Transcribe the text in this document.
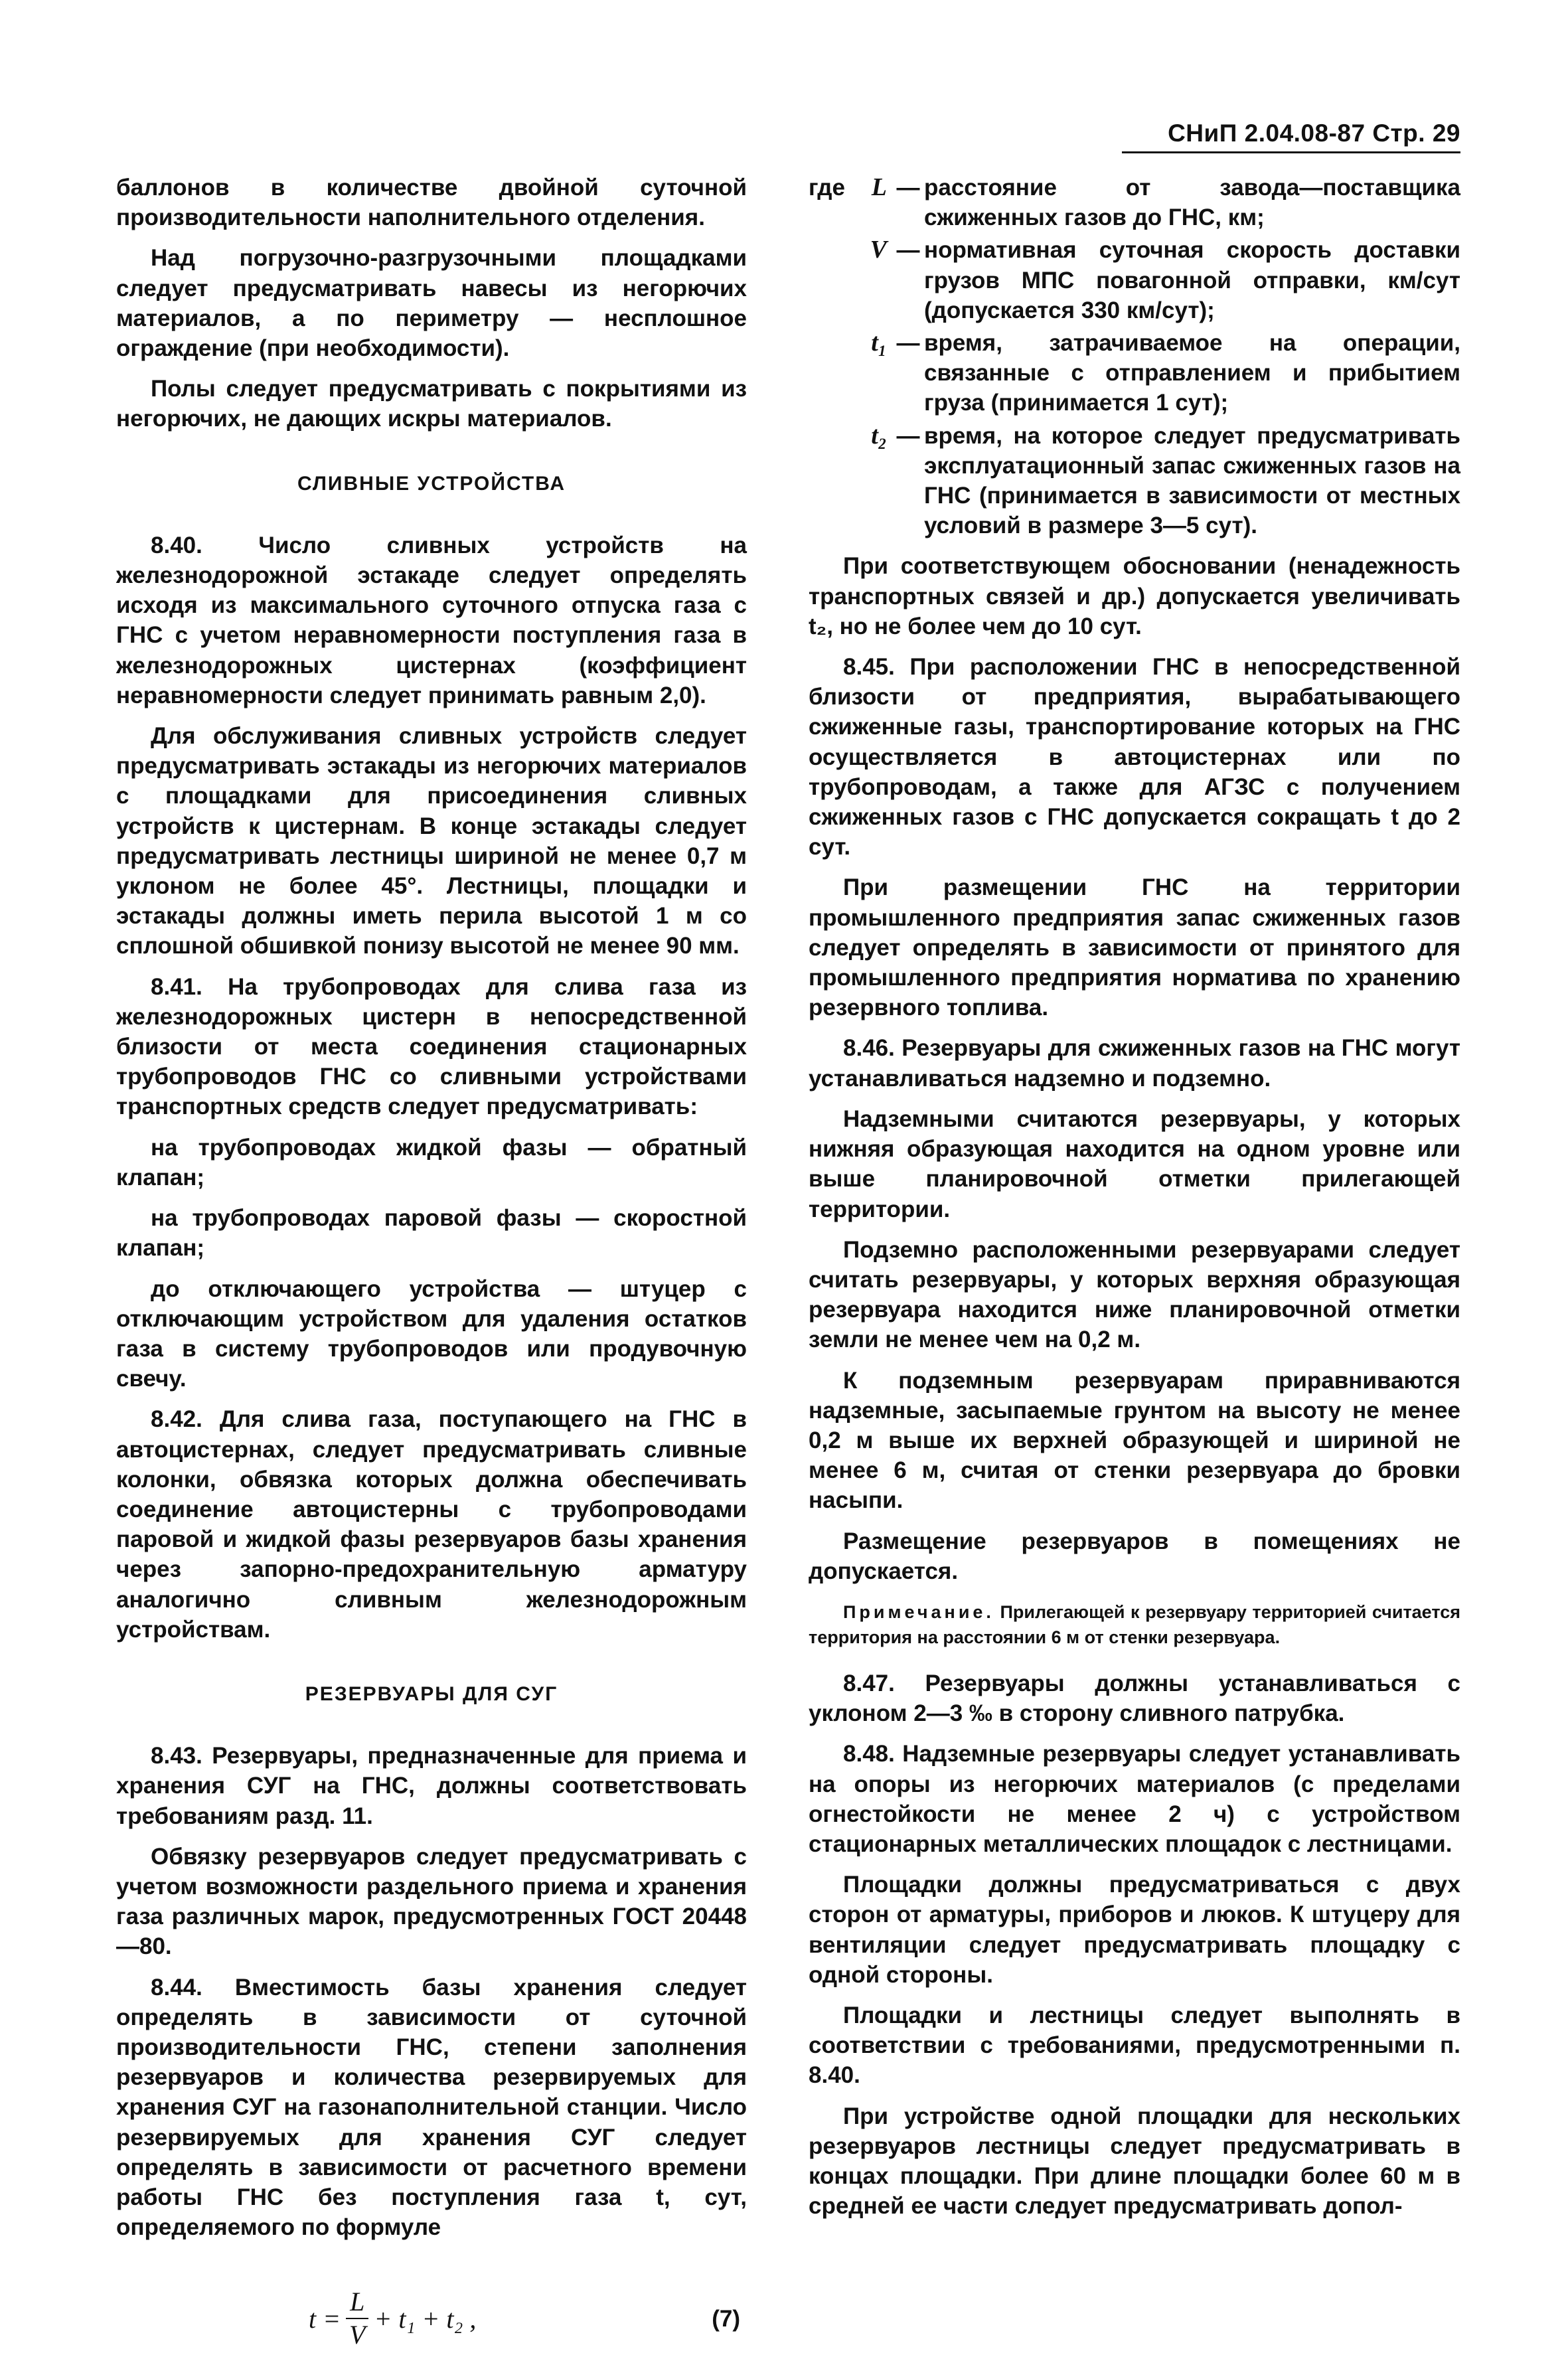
СНиП 2.04.08-87 Стр. 29

баллонов в количестве двойной суточной производительности наполнительного отделения.

Над погрузочно-разгрузочными площадками следует предусматривать навесы из негорючих материалов, а по периметру — несплошное ограждение (при необходимости).

Полы следует предусматривать с покрытиями из негорючих, не дающих искры материалов.

СЛИВНЫЕ УСТРОЙСТВА

8.40. Число сливных устройств на железнодорожной эстакаде следует определять исходя из максимального суточного отпуска газа с ГНС с учетом неравномерности поступления газа в железнодорожных цистернах (коэффициент неравномерности следует принимать равным 2,0).

Для обслуживания сливных устройств следует предусматривать эстакады из негорючих материалов с площадками для присоединения сливных устройств к цистернам. В конце эстакады следует предусматривать лестницы шириной не менее 0,7 м уклоном не более 45°. Лестницы, площадки и эстакады должны иметь перила высотой 1 м со сплошной обшивкой понизу высотой не менее 90 мм.

8.41. На трубопроводах для слива газа из железнодорожных цистерн в непосредственной близости от места соединения стационарных трубопроводов ГНС со сливными устройствами транспортных средств следует предусматривать:

на трубопроводах жидкой фазы — обратный клапан;

на трубопроводах паровой фазы — скоростной клапан;

до отключающего устройства — штуцер с отключающим устройством для удаления остатков газа в систему трубопроводов или продувочную свечу.

8.42. Для слива газа, поступающего на ГНС в автоцистернах, следует предусматривать сливные колонки, обвязка которых должна обеспечивать соединение автоцистерны с трубопроводами паровой и жидкой фазы резервуаров базы хранения через запорно-предохранительную арматуру аналогично сливным железнодорожным устройствам.

РЕЗЕРВУАРЫ ДЛЯ СУГ

8.43. Резервуары, предназначенные для приема и хранения СУГ на ГНС, должны соответствовать требованиям разд. 11.

Обвязку резервуаров следует предусматривать с учетом возможности раздельного приема и хранения газа различных марок, предусмотренных ГОСТ 20448—80.

8.44. Вместимость базы хранения следует определять в зависимости от суточной производительности ГНС, степени заполнения резервуаров и количества резервируемых для хранения СУГ на газонаполнительной станции. Число резервируемых для хранения СУГ следует определять в зависимости от расчетного времени работы ГНС без поступления газа t, сут, определяемого по формуле

$t = \frac{L}{V} + t_1 + t_2$ ,	(7)
где	L — расстояние от завода—поставщика сжиженных газов до ГНС, км;
V — нормативная суточная скорость доставки грузов МПС повагонной отправки, км/сут (допускается 330 км/сут);
t₁ — время, затрачиваемое на операции, связанные с отправлением и прибытием груза (принимается 1 сут);
t₂ — время, на которое следует предусматривать эксплуатационный запас сжиженных газов на ГНС (принимается в зависимости от местных условий в размере 3—5 сут).

При соответствующем обосновании (ненадежность транспортных связей и др.) допускается увеличивать t₂, но не более чем до 10 сут.

8.45. При расположении ГНС в непосредственной близости от предприятия, вырабатывающего сжиженные газы, транспортирование которых на ГНС осуществляется в автоцистернах или по трубопроводам, а также для АГЗС с получением сжиженных газов с ГНС допускается сокращать t до 2 сут.

При размещении ГНС на территории промышленного предприятия запас сжиженных газов следует определять в зависимости от принятого для промышленного предприятия норматива по хранению резервного топлива.

8.46. Резервуары для сжиженных газов на ГНС могут устанавливаться надземно и подземно.

Надземными считаются резервуары, у которых нижняя образующая находится на одном уровне или выше планировочной отметки прилегающей территории.

Подземно расположенными резервуарами следует считать резервуары, у которых верхняя образующая резервуара находится ниже планировочной отметки земли не менее чем на 0,2 м.

К подземным резервуарам приравниваются надземные, засыпаемые грунтом на высоту не менее 0,2 м выше их верхней образующей и шириной не менее 6 м, считая от стенки резервуара до бровки насыпи.

Размещение резервуаров в помещениях не допускается.

Примечание. Прилегающей к резервуару территорией считается территория на расстоянии 6 м от стенки резервуара.

8.47. Резервуары должны устанавливаться с уклоном 2—3 ‰ в сторону сливного патрубка.

8.48. Надземные резервуары следует устанавливать на опоры из негорючих материалов (с пределами огнестойкости не менее 2 ч) с устройством стационарных металлических площадок с лестницами.

Площадки должны предусматриваться с двух сторон от арматуры, приборов и люков. К штуцеру для вентиляции следует предусматривать площадку с одной стороны.

Площадки и лестницы следует выполнять в соответствии с требованиями, предусмотренными п. 8.40.

При устройстве одной площадки для нескольких резервуаров лестницы следует предусматривать в концах площадки. При длине площадки более 60 м в средней ее части следует предусматривать допол-
